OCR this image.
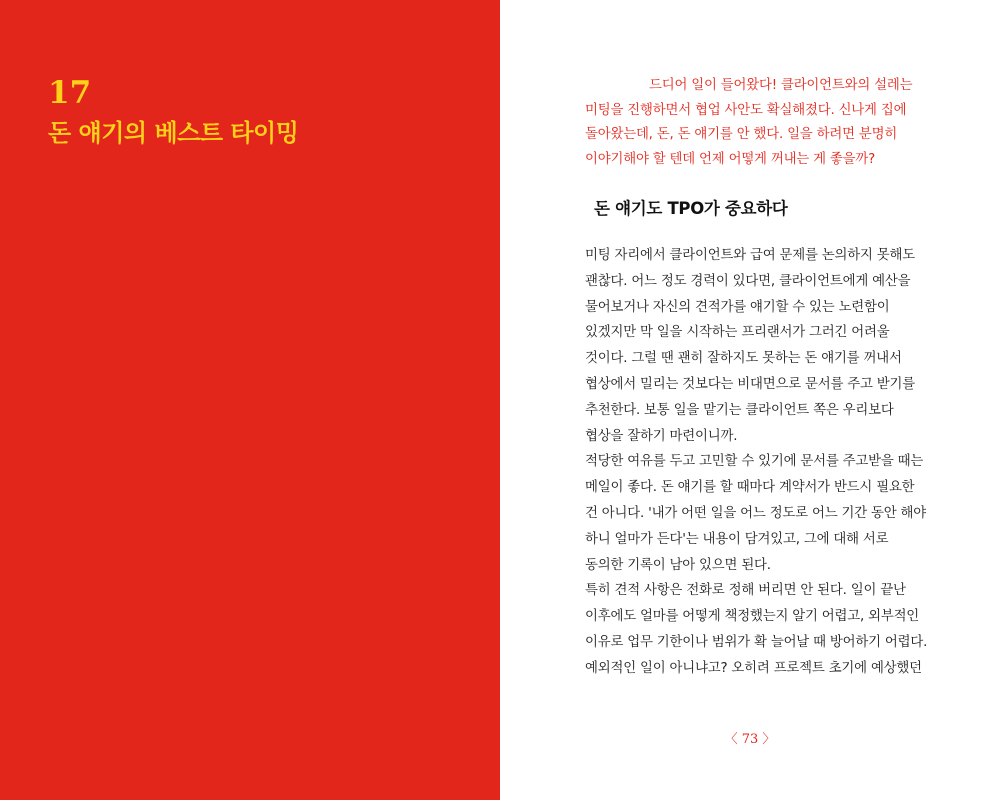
17
돈 얘기의 베스트 타이밍

드디어 일이 들어왔다! 클라이언트와의 설레는
미팅을 진행하면서 협업 사안도 확실해졌다. 신나게 집에
돌아왔는데, 돈, 돈 얘기를 안 했다. 일을 하려면 분명히
이야기해야 할 텐데 언제 어떻게 꺼내는 게 좋을까?

돈 얘기도 TPO가 중요하다

미팅 자리에서 클라이언트와 급여 문제를 논의하지 못해도
괜찮다. 어느 정도 경력이 있다면, 클라이언트에게 예산을
물어보거나 자신의 견적가를 얘기할 수 있는 노련함이
있겠지만 막 일을 시작하는 프리랜서가 그러긴 어려울
것이다. 그럴 땐 괜히 잘하지도 못하는 돈 얘기를 꺼내서
협상에서 밀리는 것보다는 비대면으로 문서를 주고 받기를
추천한다. 보통 일을 맡기는 클라이언트 쪽은 우리보다
협상을 잘하기 마련이니까.
적당한 여유를 두고 고민할 수 있기에 문서를 주고받을 때는
메일이 좋다. 돈 얘기를 할 때마다 계약서가 반드시 필요한
건 아니다. '내가 어떤 일을 어느 정도로 어느 기간 동안 해야
하니 얼마가 든다'는 내용이 담겨있고, 그에 대해 서로
동의한 기록이 남아 있으면 된다.
특히 견적 사항은 전화로 정해 버리면 안 된다. 일이 끝난
이후에도 얼마를 어떻게 책정했는지 알기 어렵고, 외부적인
이유로 업무 기한이나 범위가 확 늘어날 때 방어하기 어렵다.
예외적인 일이 아니냐고? 오히려 프로젝트 초기에 예상했던

〈 73 〉
